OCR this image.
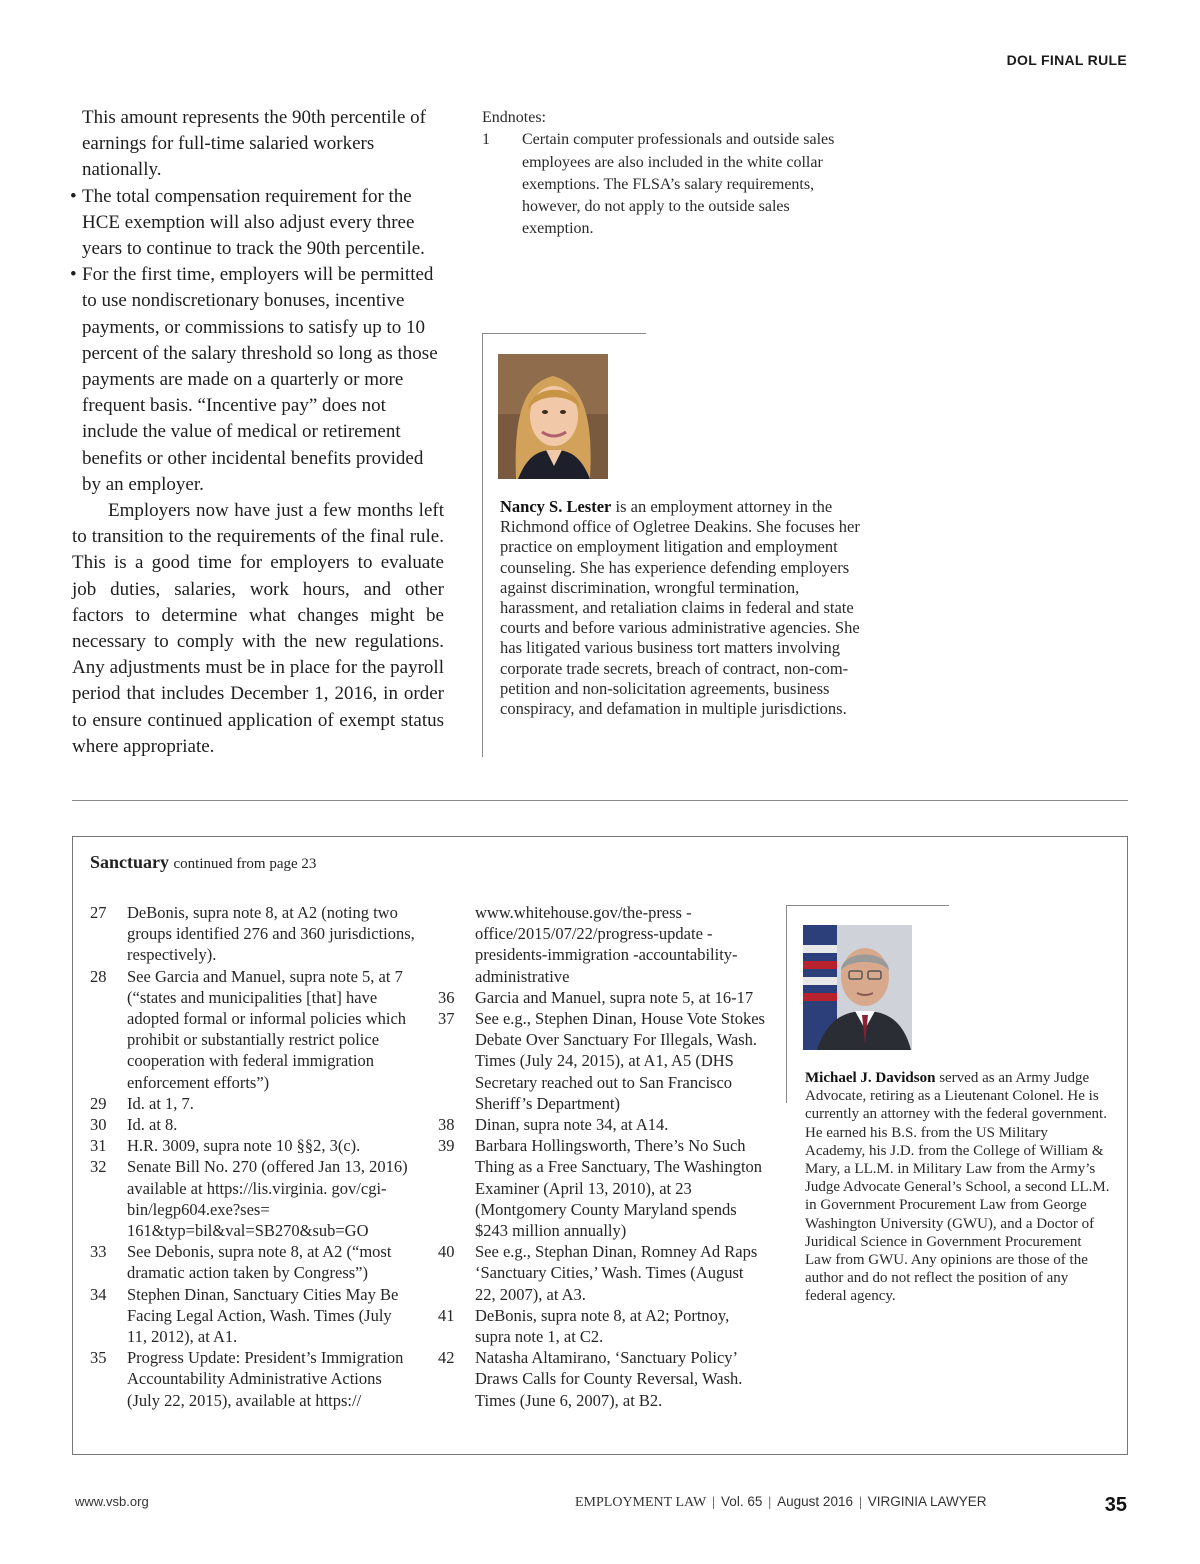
DOL FINAL RULE

This amount represents the 90th percentile of earnings for full-time salaried workers nationally.

• The total compensation requirement for the HCE exemption will also adjust every three years to continue to track the 90th percentile.
• For the first time, employers will be permitted to use nondiscretionary bonuses, incentive payments, or commissions to satisfy up to 10 percent of the salary threshold so long as those payments are made on a quarterly or more frequent basis. “Incentive pay” does not include the value of medical or retirement benefits or other incidental benefits provided by an employer.

Employers now have just a few months left to transition to the requirements of the final rule. This is a good time for employers to evaluate job duties, salaries, work hours, and other factors to determine what changes might be necessary to comply with the new regulations. Any adjustments must be in place for the payroll period that includes December 1, 2016, in order to ensure continued application of exempt status where appropriate.

Endnotes:
1	Certain computer professionals and outside sales employees are also included in the white collar exemptions. The FLSA’s salary requirements, however, do not apply to the outside sales exemption.
Nancy S. Lester is an employment attorney in the Richmond office of Ogletree Deakins. She focuses her practice on employment litigation and employment counseling. She has experience defending employers against discrimination, wrongful termination, harassment, and retaliation claims in federal and state courts and before various administrative agencies. She has litigated various business tort matters involving corporate trade secrets, breach of contract, non-competition and non-solicitation agreements, business conspiracy, and defamation in multiple jurisdictions.
Sanctuary continued from page 23
27	DeBonis, supra note 8, at A2 (noting two groups identified 276 and 360 jurisdictions, respectively).
28	See Garcia and Manuel, supra note 5, at 7 (“states and municipalities [that] have adopted formal or informal policies which prohibit or substantially restrict police cooperation with federal immigration enforcement efforts”)
29	Id. at 1, 7.
30	Id. at 8.
31	H.R. 3009, supra note 10 §§2, 3(c).
32	Senate Bill No. 270 (offered Jan 13, 2016) available at https://lis.virginia. gov/cgi-bin/legp604.exe?ses= 161&typ=bil&val=SB270&sub=GO
33	See Debonis, supra note 8, at A2 (“most dramatic action taken by Congress”)
34	Stephen Dinan, Sanctuary Cities May Be Facing Legal Action, Wash. Times (July 11, 2012), at A1.
35	Progress Update: President’s Immigration Accountability Administrative Actions (July 22, 2015), available at https://
www.whitehouse.gov/the-press -office/2015/07/22/progress-update -presidents-immigration -accountability-administrative
36	Garcia and Manuel, supra note 5, at 16-17
37	See e.g., Stephen Dinan, House Vote Stokes Debate Over Sanctuary For Illegals, Wash. Times (July 24, 2015), at A1, A5 (DHS Secretary reached out to San Francisco Sheriff’s Department)
38	Dinan, supra note 34, at A14.
39	Barbara Hollingsworth, There’s No Such Thing as a Free Sanctuary, The Washington Examiner (April 13, 2010), at 23 (Montgomery County Maryland spends $243 million annually)
40	See e.g., Stephan Dinan, Romney Ad Raps ‘Sanctuary Cities,’ Wash. Times (August 22, 2007), at A3.
41	DeBonis, supra note 8, at A2; Portnoy, supra note 1, at C2.
42	Natasha Altamirano, ‘Sanctuary Policy’ Draws Calls for County Reversal, Wash. Times (June 6, 2007), at B2.
Michael J. Davidson served as an Army Judge Advocate, retiring as a Lieutenant Colonel. He is currently an attorney with the federal government. He earned his B.S. from the US Military Academy, his J.D. from the College of William & Mary, a LL.M. in Military Law from the Army’s Judge Advocate General’s School, a second LL.M. in Government Procurement Law from George Washington University (GWU), and a Doctor of Juridical Science in Government Procurement Law from GWU. Any opinions are those of the author and do not reflect the position of any federal agency.
www.vsb.org	EMPLOYMENT LAW | Vol. 65 | August 2016 | VIRGINIA LAWYER	35
